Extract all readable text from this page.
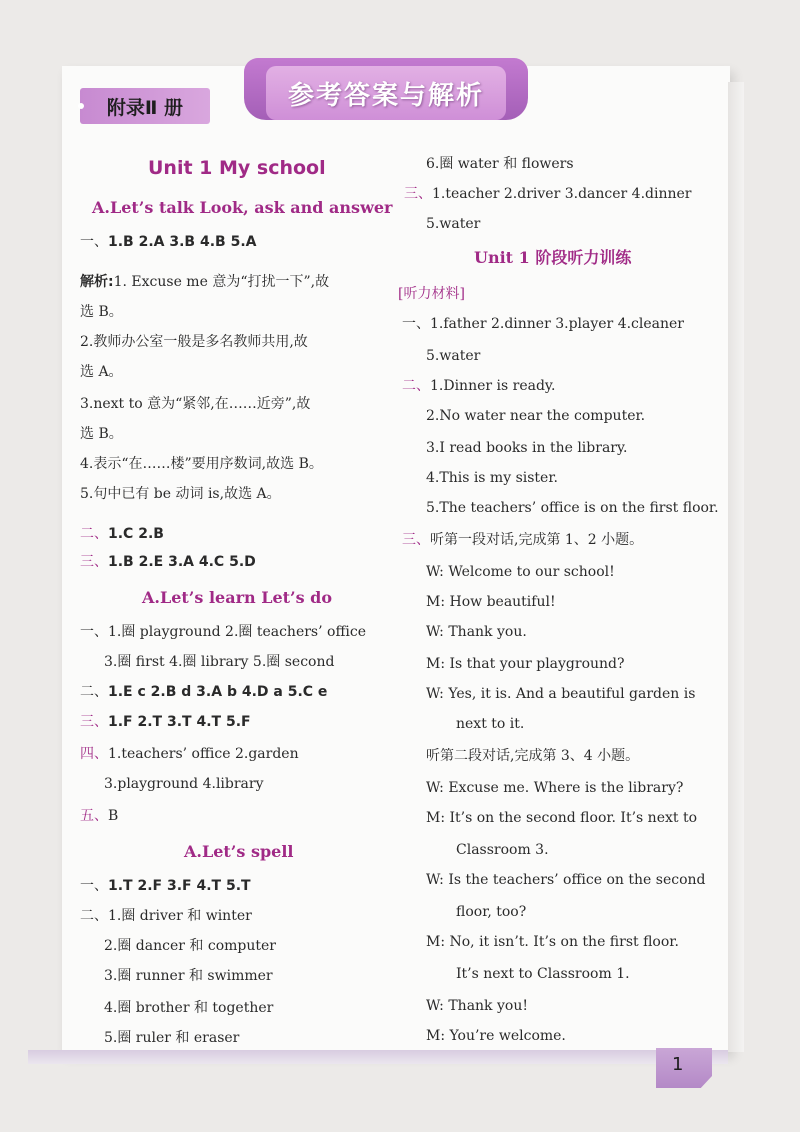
附录Ⅱ 册	参考答案与解析
Unit 1 My school
A.Let’s talk Look, ask and answer
一、1.B 2.A 3.B 4.B 5.A
解析:1. Excuse me 意为“打扰一下”,故
选 B。
2.教师办公室一般是多名教师共用,故
选 A。
3.next to 意为“紧邻,在……近旁”,故
选 B。
4.表示“在……楼”要用序数词,故选 B。
5.句中已有 be 动词 is,故选 A。
二、1.C 2.B
三、1.B 2.E 3.A 4.C 5.D
A.Let’s learn Let’s do
一、1.圈 playground 2.圈 teachers’ office
3.圈 first 4.圈 library 5.圈 second
二、1.E c 2.B d 3.A b 4.D a 5.C e
三、1.F 2.T 3.T 4.T 5.F
四、1.teachers’ office 2.garden
3.playground 4.library
五、B
A.Let’s spell
一、1.T 2.F 3.F 4.T 5.T
二、1.圈 driver 和 winter
2.圈 dancer 和 computer
3.圈 runner 和 swimmer
4.圈 brother 和 together
5.圈 ruler 和 eraser
6.圈 water 和 flowers
三、1.teacher 2.driver 3.dancer 4.dinner
5.water
Unit 1 阶段听力训练
[听力材料]
一、1.father 2.dinner 3.player 4.cleaner
5.water
二、1.Dinner is ready.
2.No water near the computer.
3.I read books in the library.
4.This is my sister.
5.The teachers’ office is on the first floor.
三、听第一段对话,完成第 1、2 小题。
W: Welcome to our school!
M: How beautiful!
W: Thank you.
M: Is that your playground?
W: Yes, it is. And a beautiful garden is
next to it.
听第二段对话,完成第 3、4 小题。
W: Excuse me. Where is the library?
M: It’s on the second floor. It’s next to
Classroom 3.
W: Is the teachers’ office on the second
floor, too?
M: No, it isn’t. It’s on the first floor.
It’s next to Classroom 1.
W: Thank you!
M: You’re welcome.
1
